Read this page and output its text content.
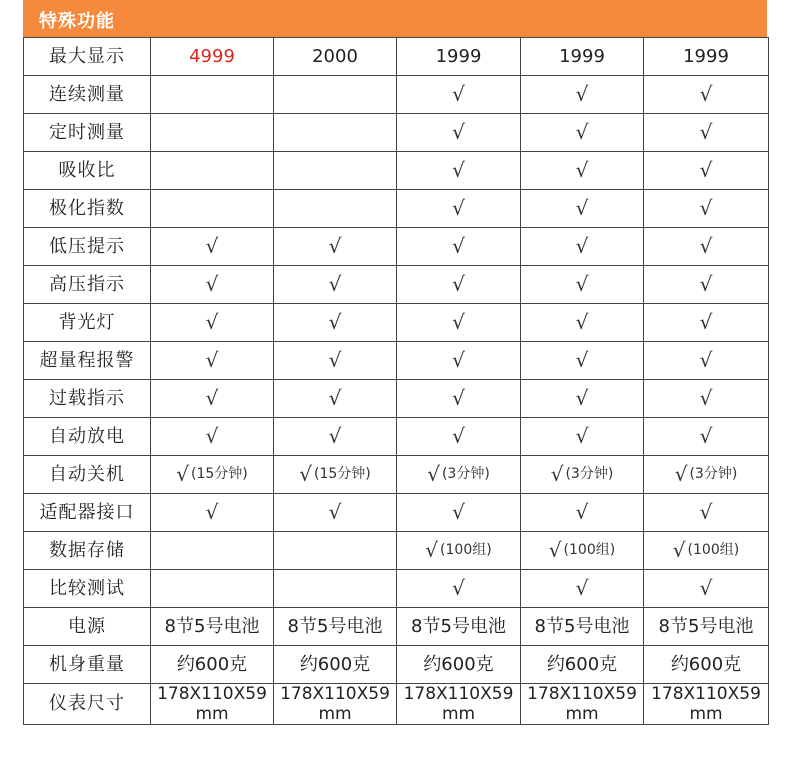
特殊功能
最大显示	4999	2000	1999	1999	1999
连续测量			√	√	√

定时测量			√	√	√

吸收比			√	√	√

极化指数			√	√	√

低压提示	√	√	√	√	√

高压指示	√	√	√	√	√

背光灯	√	√	√	√	√

超量程报警	√	√	√	√	√

过载指示	√	√	√	√	√

自动放电	√	√	√	√	√

自动关机	√ (15分钟)	√ (15分钟)	√ (3分钟)	√ (3分钟)	√ (3分钟)

适配器接口	√	√	√	√	√

数据存储			√ (100组)	√ (100组)	√ (100组)

比较测试			√	√	√

电源	8节5号电池	8节5号电池	8节5号电池	8节5号电池	8节5号电池
机身重量	约600克	约600克	约600克	约600克	约600克
仪表尺寸	178X110X59 mm	178X110X59 mm	178X110X59 mm	178X110X59 mm	178X110X59 mm
